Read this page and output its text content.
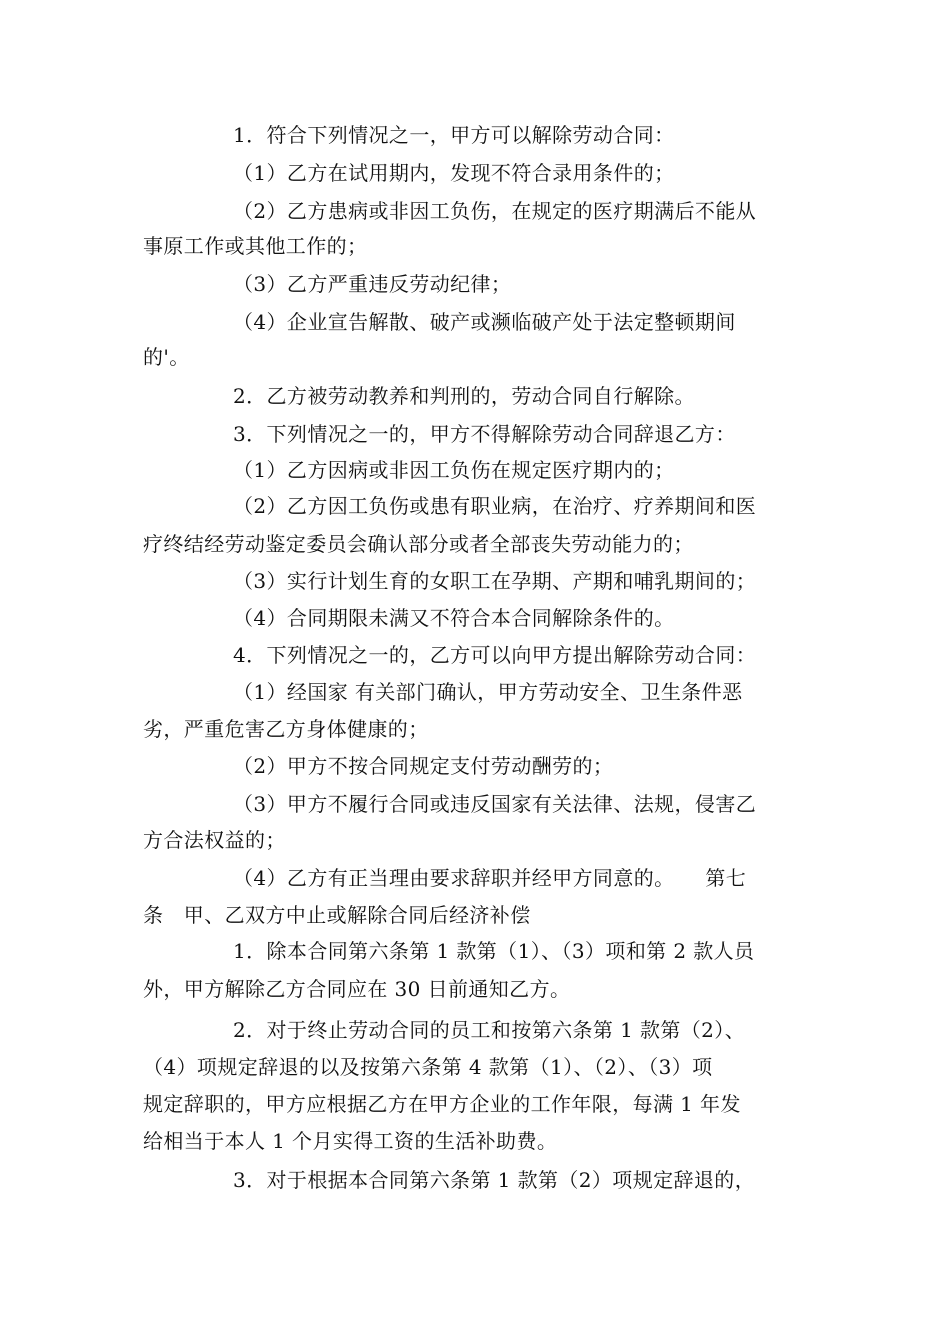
1．符合下列情况之一，甲方可以解除劳动合同：
（1）乙方在试用期内，发现不符合录用条件的；
（2）乙方患病或非因工负伤，在规定的医疗期满后不能从
事原工作或其他工作的；
（3）乙方严重违反劳动纪律；
（4）企业宣告解散、破产或濒临破产处于法定整顿期间
的'。
2．乙方被劳动教养和判刑的，劳动合同自行解除。
3．下列情况之一的，甲方不得解除劳动合同辞退乙方：
（1）乙方因病或非因工负伤在规定医疗期内的；
（2）乙方因工负伤或患有职业病，在治疗、疗养期间和医
疗终结经劳动鉴定委员会确认部分或者全部丧失劳动能力的；
（3）实行计划生育的女职工在孕期、产期和哺乳期间的；
（4）合同期限未满又不符合本合同解除条件的。
4．下列情况之一的，乙方可以向甲方提出解除劳动合同：
（1）经国家 有关部门确认，甲方劳动安全、卫生条件恶
劣，严重危害乙方身体健康的；
（2）甲方不按合同规定支付劳动酬劳的；
（3）甲方不履行合同或违反国家有关法律、法规，侵害乙
方合法权益的；
（4）乙方有正当理由要求辞职并经甲方同意的。　　第七
条　甲、乙双方中止或解除合同后经济补偿
1．除本合同第六条第 1 款第（1）、（3）项和第 2 款人员
外，甲方解除乙方合同应在 30 日前通知乙方。
2．对于终止劳动合同的员工和按第六条第 1 款第（2）、
（4）项规定辞退的以及按第六条第 4 款第（1）、（2）、（3）项
规定辞职的，甲方应根据乙方在甲方企业的工作年限，每满 1 年发
给相当于本人 1 个月实得工资的生活补助费。
3．对于根据本合同第六条第 1 款第（2）项规定辞退的，
